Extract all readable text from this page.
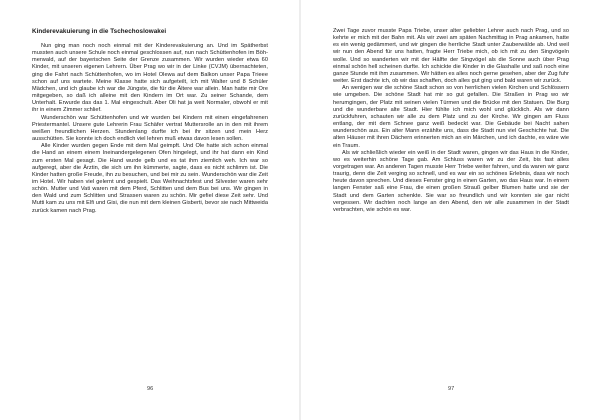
Kinderevakuierung in die Tschechoslowakei

Nun ging man noch noch einmal mit der Kinderevakuierung an. Und im Spätherbst mussten auch unsere Schule noch einmal geschlossen auf, nun nach Schüttenhofen im Böhmerwald, auf der bayerischen Seite der Grenze zusammen. Wir wurden wieder etwa 60 Kinder, mit unseren eigenen Lehrern. Über Prag wo wir in der Linke (CVJM) übernachteten, ging die Fahrt nach Schüttenhofen, wo im Hotel Olewa auf dem Balkon unser Papa Trieee schon auf uns wartete. Meine Klasse hatte sich aufgeteilt, ich mit Walter und 8 Schüler Mädchen, und ich glaube ich war die Jüngste, die für die Ältere war allein. Man hatte mir Ore mitgegeben, so daß ich alleine mit den Kindern im Ort war. Zu seiner Schande, dem Unterhalt. Erwurde das das 1. Mal eingeschult. Aber Oli hat ja weit Normaler, obwohl er mit ihr in einem Zimmer schlief.

Wunderschön war Schüttenhofen und wir wurden bei Kindern mit einen eingefahrenen Priestermantel. Unsere gute Lehrerin Frau Schäfer vertrat Muttersrolle an in den mit ihrem weißen freundlichen Herzen. Stundenlang durfte ich bei ihr sitzen und mein Herz ausschütten. Sie konnte ich doch endlich viel lehren muß etwas davon lesen sollen.

Alle Kinder wurden gegen Ende mit dem Mal geimpft. Und Ole hatte sich schon einmal die Hand an einem einem Ineinandergelegenen Ofen hingelegt, und ihr hat dann ein Kind zum ersten Mal gesagt. Die Hand wurde gelb und es tat ihm ziemlich weh. Ich war so aufgeregt, aber die Ärztin, die sich um ihn kümmerte, sagte, dass es nicht schlimm ist. Die Kinder hatten große Freude, ihn zu besuchen, und bei mir zu sein. Wunderschön war die Zeit im Hotel. Wir haben viel gelernt und gespielt. Das Weihnachtsfest und Silvester waren sehr schön. Mutter und Vati waren mit dem Pferd, Schlitten und dem Bus bei uns. Wir gingen in den Wald und zum Schlitten und Strassen waren zu schön. Mir gefiel diese Zeit sehr. Und Mutti kam zu uns mit Elfi und Gisi, die nun mit dem kleinen Gisberti, bevor sie nach Mittweida zurück kamen nach Prag.

96

Zwei Tage zuvor musste Papa Triebe, unser alter geliebter Lehrer auch nach Prag, und so kehrte er mich mit der Bahn mit. Als wir zwei am späten Nachmittag in Prag ankamen, hatte es ein wenig gedämmert, und wir gingen die herrliche Stadt unter Zauberwälde ab. Und weil wir nun den Abend für uns hatten, fragte Herr Triebe mich, ob ich mit zu den Singvögeln wolle. Und so wanderten wir mit der Hälfte der Singvögel als die Sonne auch über Prag einmal schön hell scheinen durfte. Ich schickte die Kinder in die Glashalle und saß noch eine ganze Stunde mit ihm zusammen. Wir hätten es alles noch gerne gesehen, aber der Zug fuhr weiter. Erst dachte ich, ob wir das schaffen, doch alles gut ging und bald waren wir zurück.

An wenigen war die schöne Stadt schon so von herrlichen vielen Kirchen und Schlössern wie umgeben. Die schöne Stadt hat mir so gut gefallen. Die Straßen in Prag wo wir herumgingen, der Platz mit seinen vielen Türmen und die Brücke mit den Statuen. Die Burg und die wunderbare alte Stadt. Hier fühlte ich mich wohl und glücklich. Als wir dann zurückfuhren, schauten wir alle zu dem Platz und zu der Kirche. Wir gingen am Fluss entlang, der mit dem Schnee ganz weiß bedeckt war. Die Gebäude bei Nacht sahen wunderschön aus. Ein alter Mann erzählte uns, dass die Stadt nun viel Geschichte hat. Die alten Häuser mit ihren Dächern erinnerten mich an ein Märchen, und ich dachte, es wäre wie ein Traum.

Als wir schließlich wieder ein weiß in der Stadt waren, gingen wir das Haus in die Kinder, wo es weiterhin schöne Tage gab. Am Schluss waren wir zu der Zeit, bis fast alles vorgetragen war. An anderen Tagen musste Herr Triebe weiter fahren, und da waren wir ganz traurig, denn die Zeit verging so schnell, und es war ein so schönes Erlebnis, dass wir noch heute davon sprechen. Und dieses Fenster ging in einen Garten, wo das Haus war. In einem langen Fenster saß eine Frau, die einen großen Strauß gelber Blumen hatte und sie der Stadt und dem Garten schenkte. Sie war so freundlich und wir konnten sie gar nicht vergessen. Wir dachten noch lange an den Abend, den wir alle zusammen in der Stadt verbrachten, wie schön es war.

97
